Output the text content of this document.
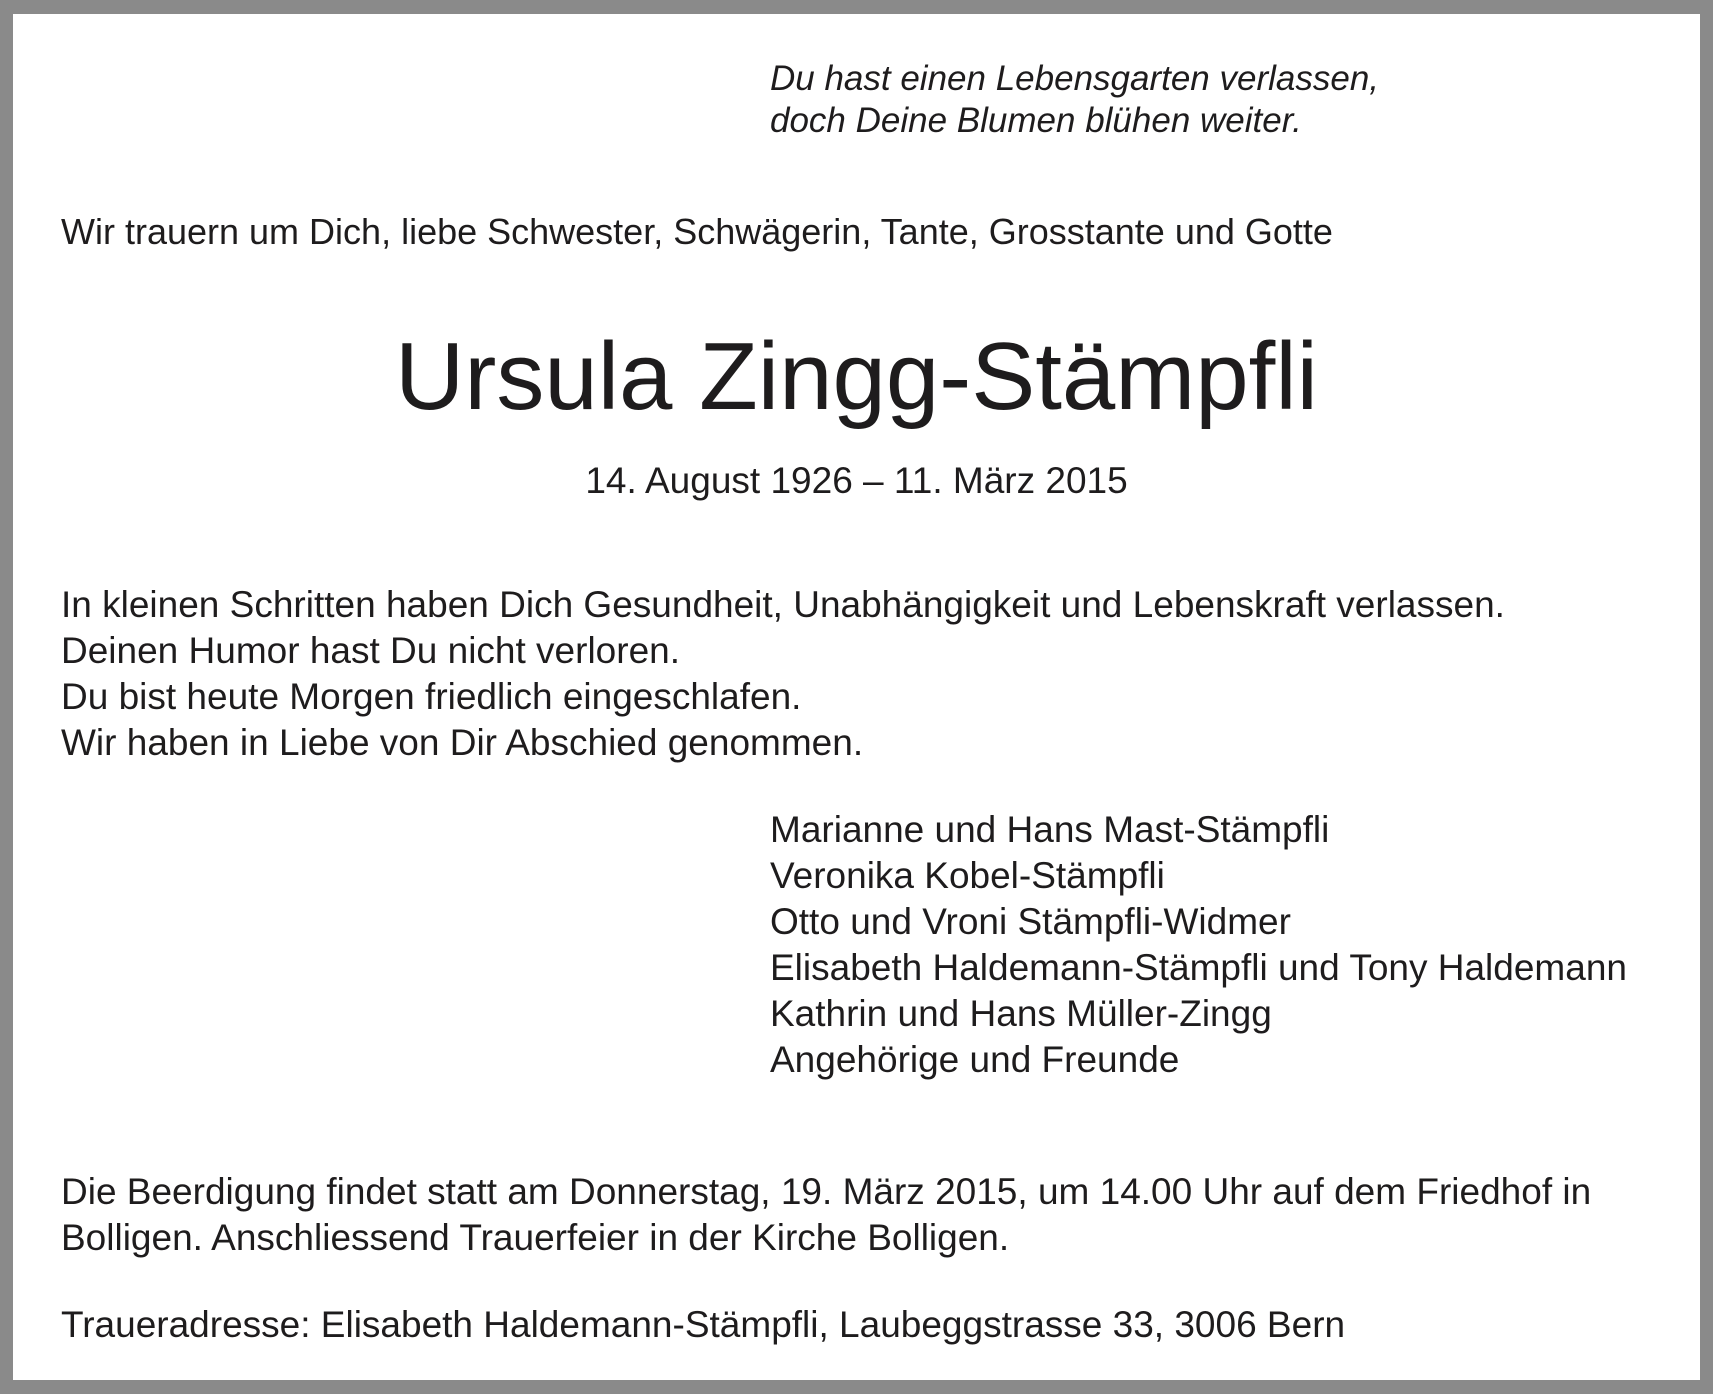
Du hast einen Lebensgarten verlassen,
doch Deine Blumen blühen weiter.
Wir trauern um Dich, liebe Schwester, Schwägerin, Tante, Grosstante und Gotte
Ursula Zingg-Stämpfli
14. August 1926 – 11. März 2015
In kleinen Schritten haben Dich Gesundheit, Unabhängigkeit und Lebenskraft verlassen.
Deinen Humor hast Du nicht verloren.
Du bist heute Morgen friedlich eingeschlafen.
Wir haben in Liebe von Dir Abschied genommen.
Marianne und Hans Mast-Stämpfli
Veronika Kobel-Stämpfli
Otto und Vroni Stämpfli-Widmer
Elisabeth Haldemann-Stämpfli und Tony Haldemann
Kathrin und Hans Müller-Zingg
Angehörige und Freunde
Die Beerdigung findet statt am Donnerstag, 19. März 2015, um 14.00 Uhr auf dem Friedhof in
Bolligen. Anschliessend Trauerfeier in der Kirche Bolligen.
Traueradresse: Elisabeth Haldemann-Stämpfli, Laubeggstrasse 33, 3006 Bern
